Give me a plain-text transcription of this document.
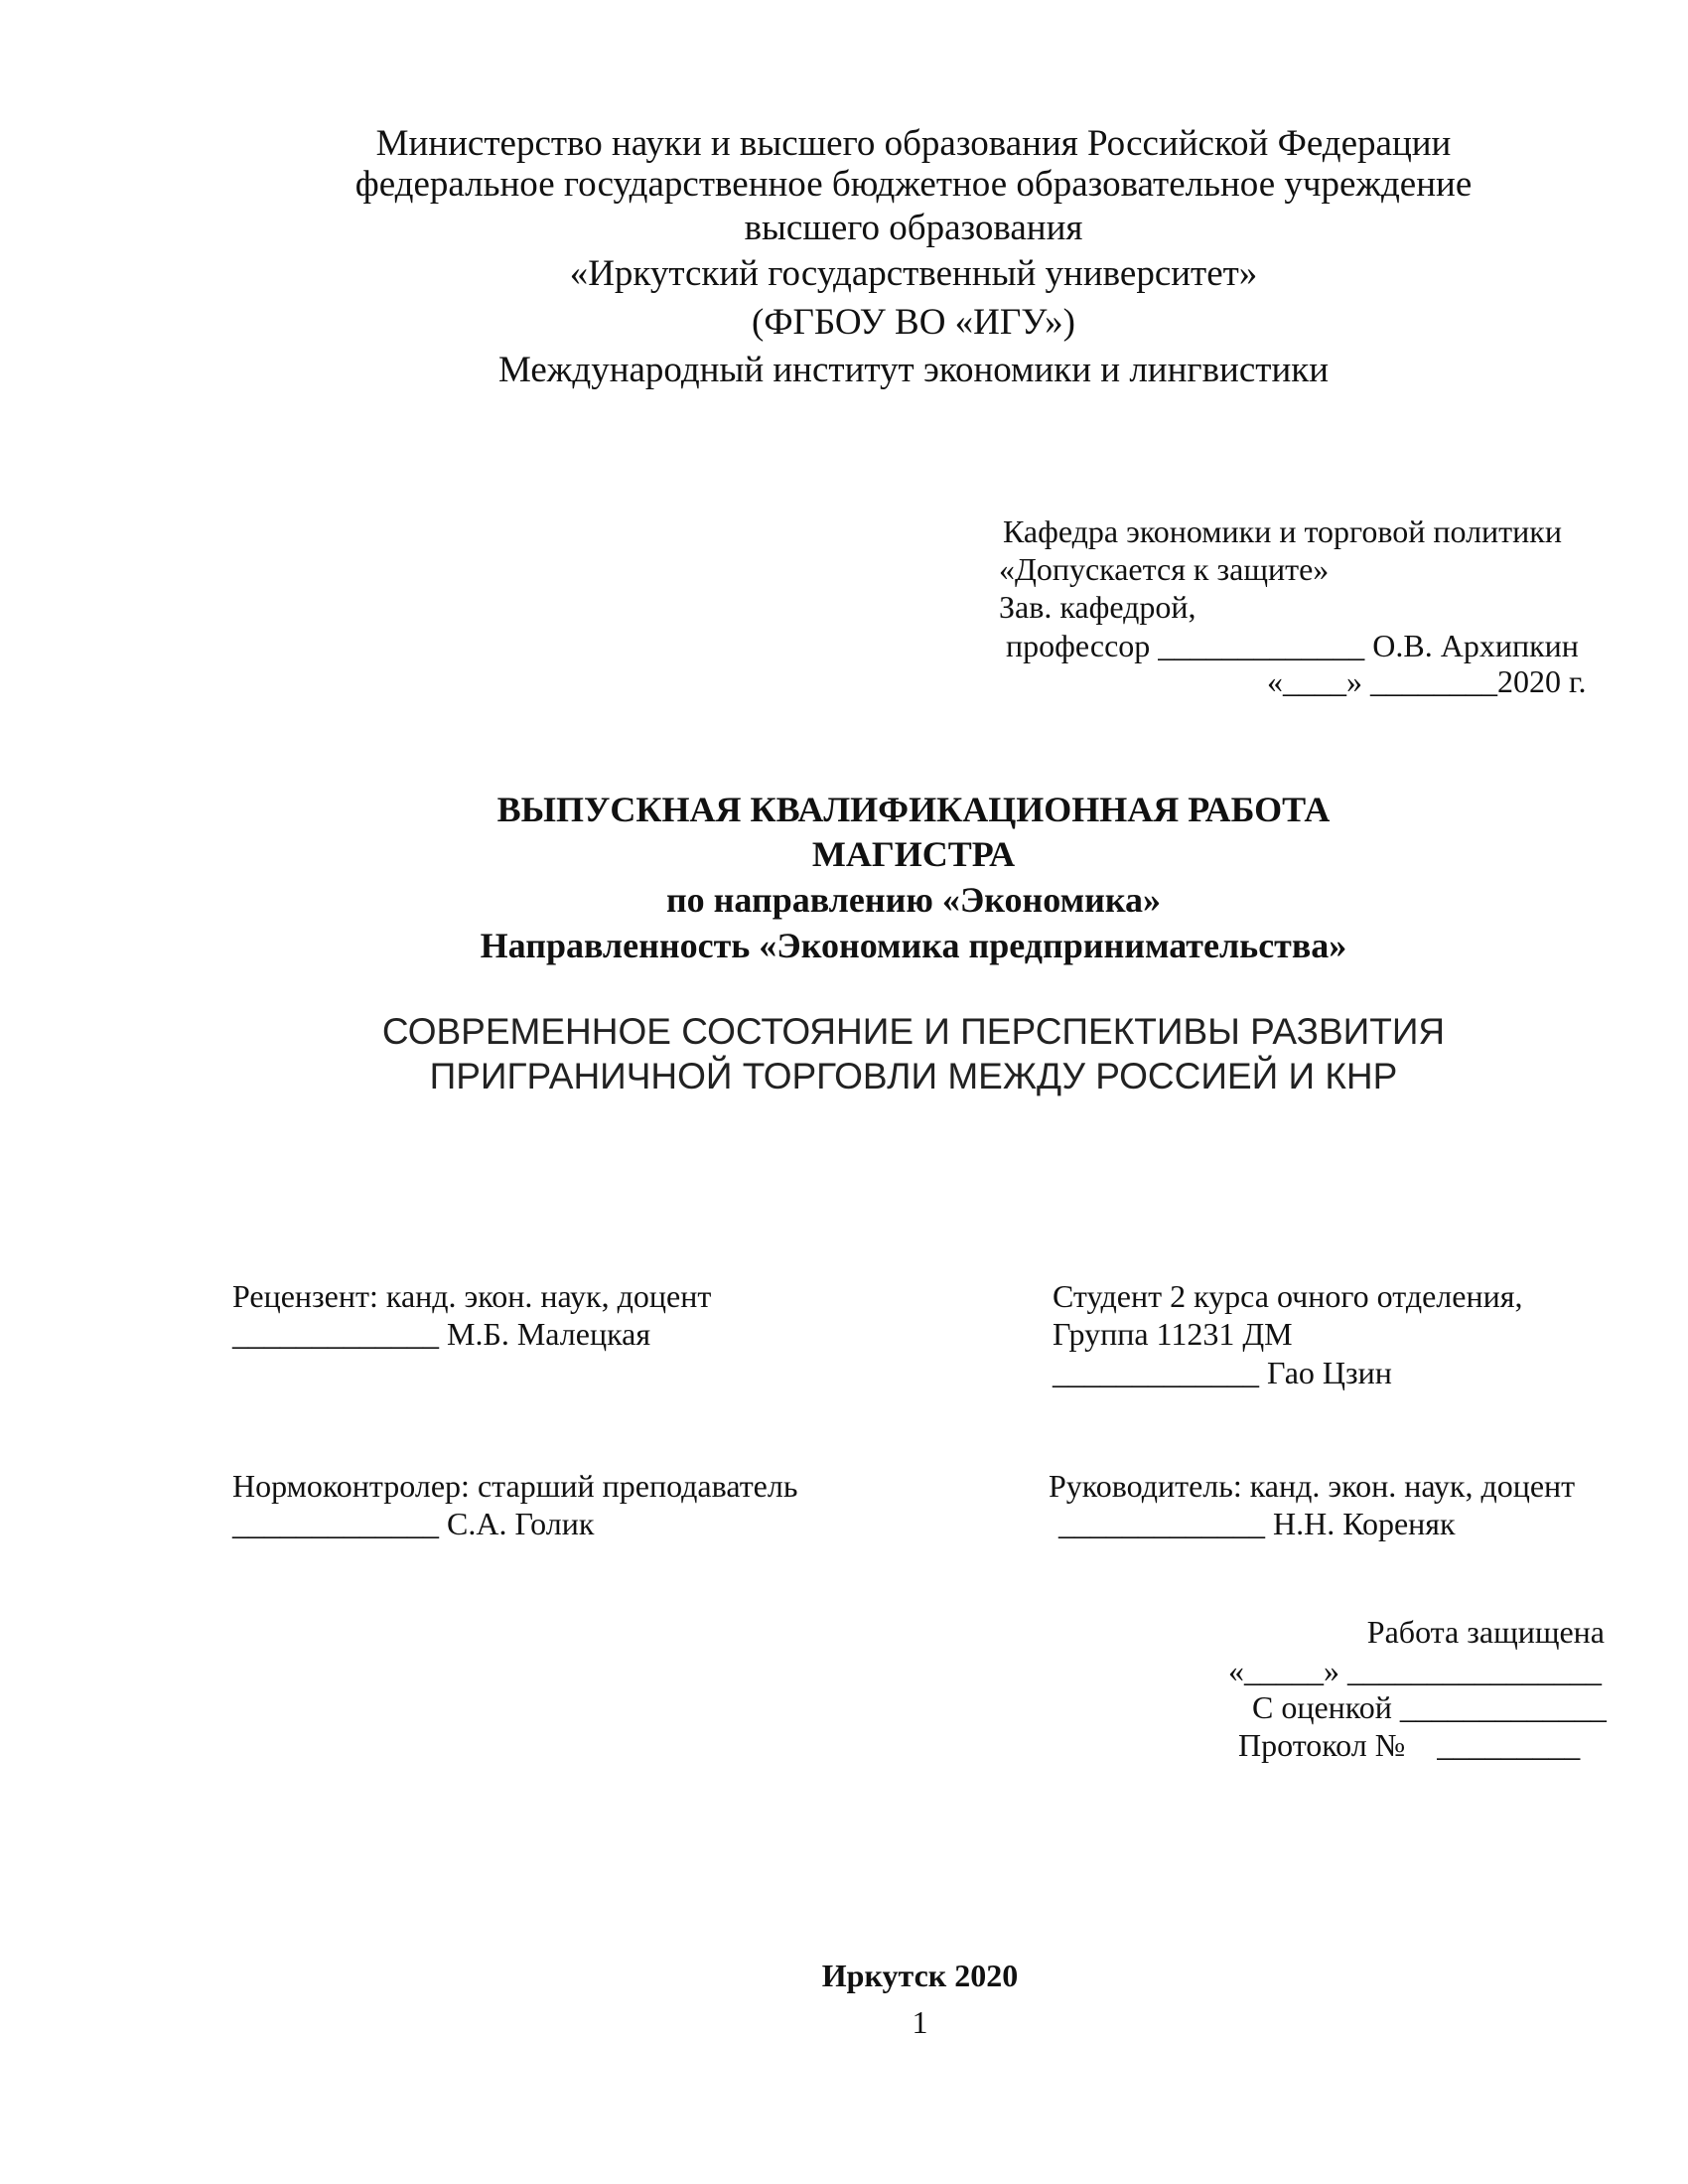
Министерство науки и высшего образования Российской Федерации
федеральное государственное бюджетное образовательное учреждение
высшего образования
«Иркутский государственный университет»
(ФГБОУ ВО «ИГУ»)
Международный институт экономики и лингвистики
Кафедра экономики и торговой политики
«Допускается к защите»
Зав. кафедрой,
профессор _____________ О.В. Архипкин
«____» ________2020 г.
ВЫПУСКНАЯ КВАЛИФИКАЦИОННАЯ РАБОТА
МАГИСТРА
по направлению «Экономика»
Направленность «Экономика предпринимательства»
СОВРЕМЕННОЕ СОСТОЯНИЕ И ПЕРСПЕКТИВЫ РАЗВИТИЯ
ПРИГРАНИЧНОЙ ТОРГОВЛИ МЕЖДУ РОССИЕЙ И КНР
Рецензент: канд. экон. наук, доцент
_____________ М.Б. Малецкая
Студент 2 курса очного отделения,
Группа 11231 ДМ
_____________ Гао Цзин
Нормоконтролер: старший преподаватель
_____________ С.А. Голик
Руководитель: канд. экон. наук, доцент
_____________ Н.Н. Кореняк
Работа защищена
«_____» ________________
С оценкой _____________
Протокол №    _________
Иркутск 2020
1
